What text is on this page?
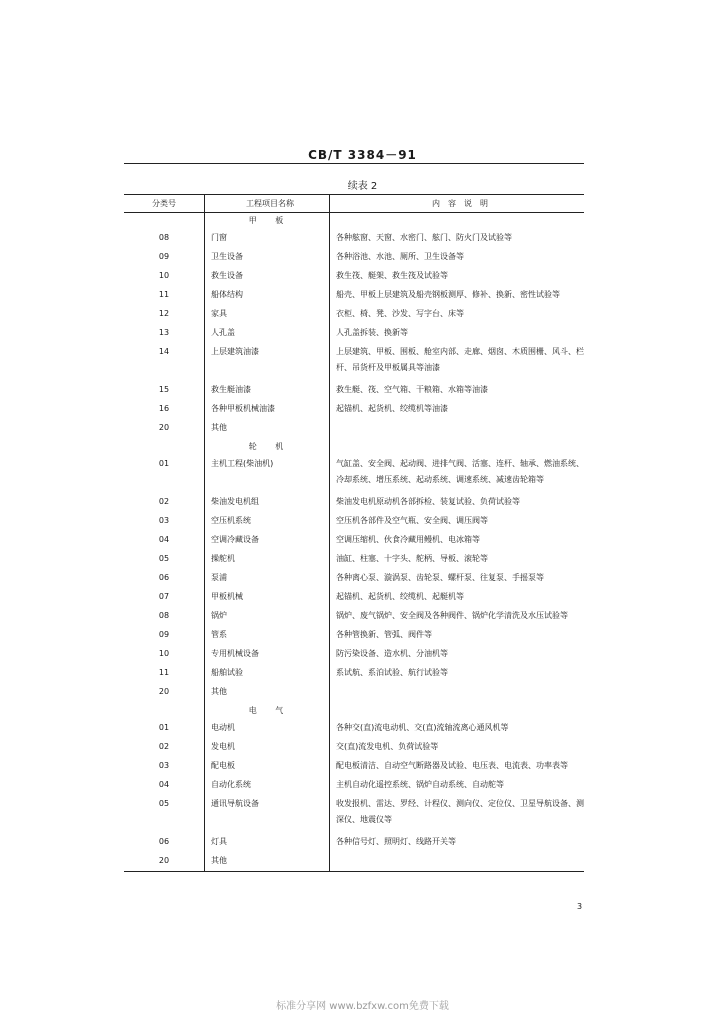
CB/T 3384－91
续表 2
分类号	工程项目名称	内　容　说　明
	甲 板	
08	门窗	各种舷窗、天窗、水密门、舷门、防火门及试验等
09	卫生设备	各种浴池、水池、厕所、卫生设备等
10	救生设备	救生筏、艇架、救生筏及试验等
11	船体结构	船壳、甲板上层建筑及船壳钢板测厚、修补、换新、密性试验等
12	家具	衣柜、椅、凳、沙发、写字台、床等
13	人孔盖	人孔盖拆装、换新等
14	上层建筑油漆	上层建筑、甲板、围板、舱室内部、走廊、烟囱、木质围栅、风斗、栏杆、吊货杆及甲板属具等油漆
15	救生艇油漆	救生艇、筏、空气箱、干粮箱、水箱等油漆
16	各种甲板机械油漆	起锚机、起货机、绞缆机等油漆
20	其他	
	轮 机	
01	主机工程(柴油机)	气缸盖、安全阀、起动阀、进排气阀、活塞、连杆、轴承、燃油系统、冷却系统、增压系统、起动系统、调速系统、减速齿轮箱等
02	柴油发电机组	柴油发电机原动机各部拆检、装复试验、负荷试验等
03	空压机系统	空压机各部件及空气瓶、安全阀、调压阀等
04	空调冷藏设备	空调压缩机、伙食冷藏用鳗机、电冰箱等
05	操舵机	油缸、柱塞、十字头、舵柄、导板、滚轮等
06	泵浦	各种离心泵、漩涡泵、齿轮泵、螺杆泵、往复泵、手摇泵等
07	甲板机械	起锚机、起货机、绞缆机、起艇机等
08	锅炉	锅炉、废气锅炉、安全阀及各种阀件、锅炉化学清洗及水压试验等
09	管系	各种管换新、管弧、阀件等
10	专用机械设备	防污染设备、造水机、分油机等
11	船舶试验	系试航、系泊试验、航行试验等
20	其他	
	电 气	
01	电动机	各种交(直)流电动机、交(直)流轴流离心通风机等
02	发电机	交(直)流发电机、负荷试验等
03	配电板	配电板清洁、自动空气断路器及试验、电压表、电流表、功率表等
04	自动化系统	主机自动化遥控系统、锅炉自动系统、自动舵等
05	通讯导航设备	收发报机、雷达、罗经、计程仪、测向仪、定位仪、卫星导航设备、测深仪、地震仪等
06	灯具	各种信号灯、照明灯、线路开关等
20	其他	
3
标准分享网 www.bzfxw.com免费下载
